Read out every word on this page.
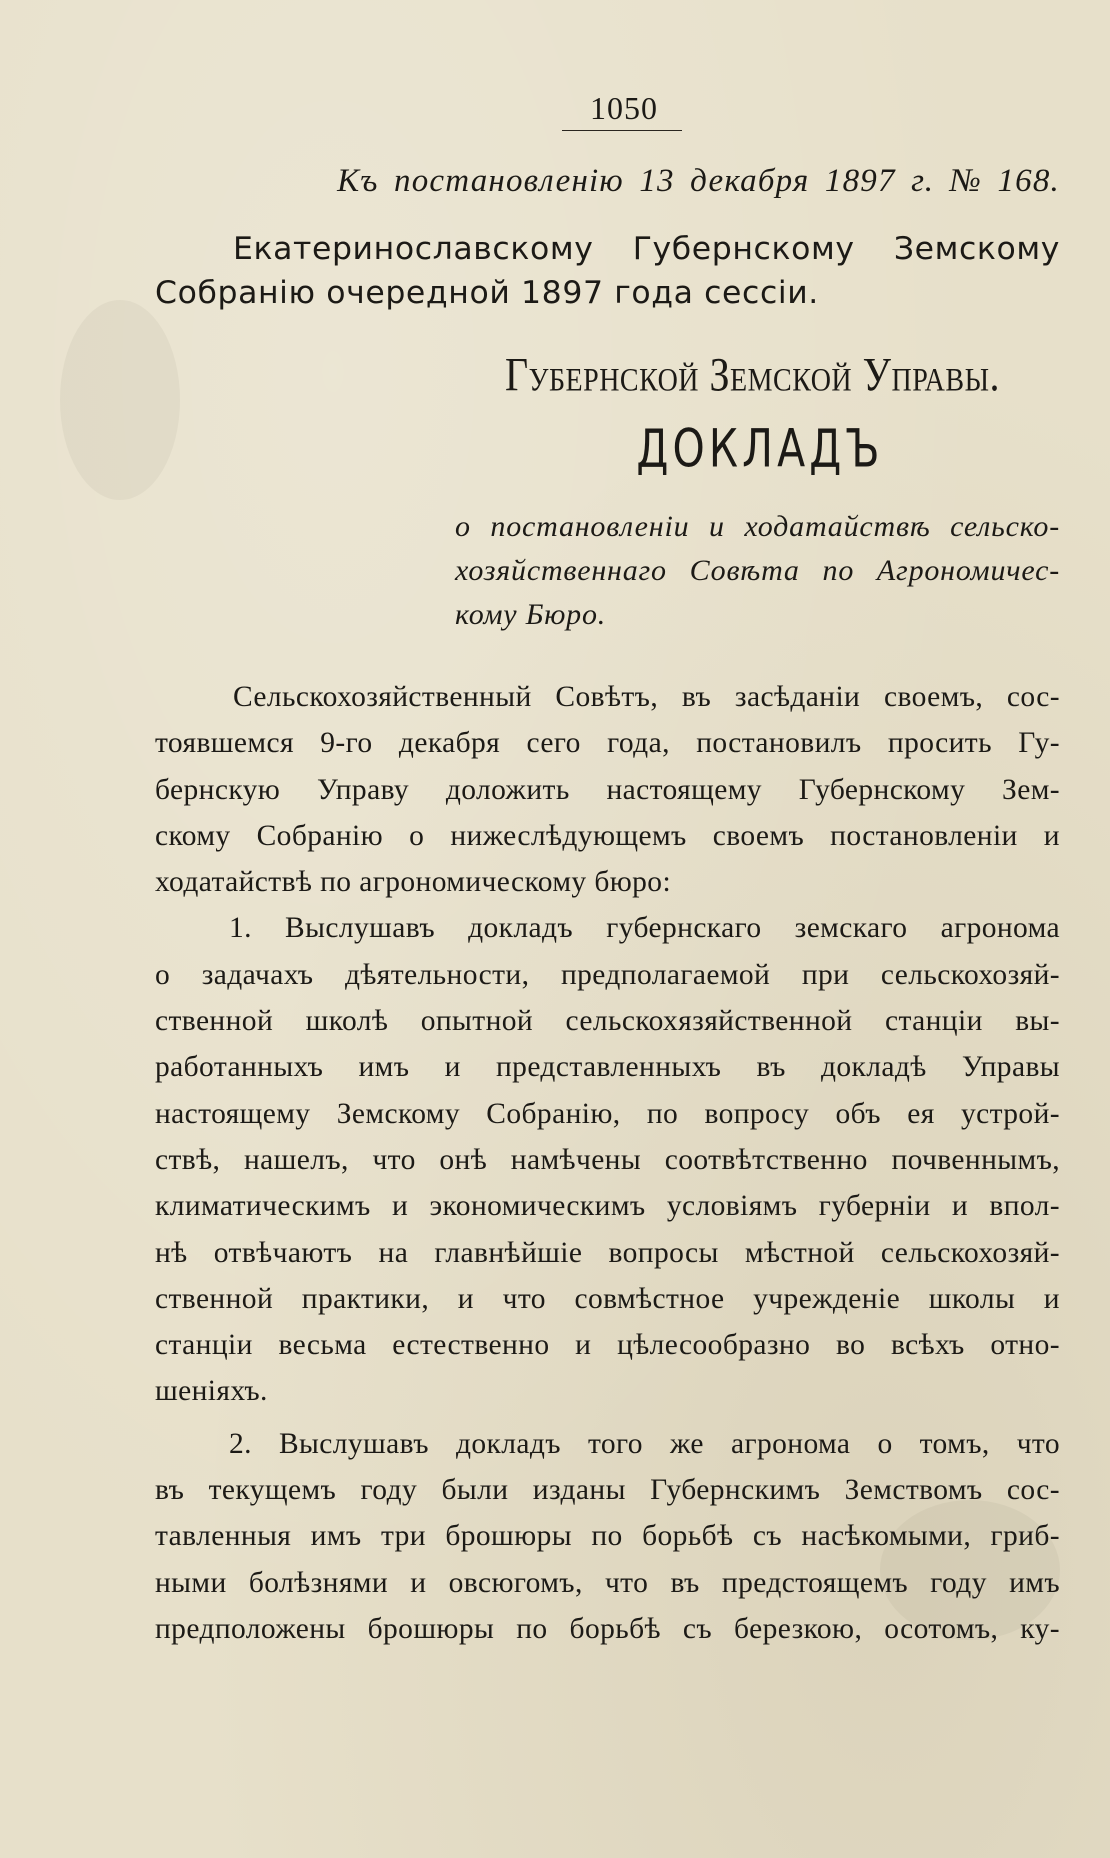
1050
Къ постановленію 13 декабря 1897 г. № 168.
Екатеринославскому Губернскому Земскому
Собранію очередной 1897 года сессіи.
Губернской Земской Управы.
ДОКЛАДЪ
о постановленіи и ходатайствѣ сельско-
хозяйственнаго Совѣта по Агрономичес-
кому Бюро.
Сельскохозяйственный Совѣтъ, въ засѣданіи своемъ, сос-
тоявшемся 9-го декабря сего года, постановилъ просить Гу-
бернскую Управу доложить настоящему Губернскому Зем-
скому Собранію о нижеслѣдующемъ своемъ постановленіи и
ходатайствѣ по агрономическому бюро:
1. Выслушавъ докладъ губернскаго земскаго агронома
о задачахъ дѣятельности, предполагаемой при сельскохозяй-
ственной школѣ опытной сельскохязяйственной станціи вы-
работанныхъ имъ и представленныхъ въ докладѣ Управы
настоящему Земскому Собранію, по вопросу объ ея устрой-
ствѣ, нашелъ, что онѣ намѣчены соотвѣтственно почвеннымъ,
климатическимъ и экономическимъ условіямъ губерніи и впол-
нѣ отвѣчаютъ на главнѣйшіе вопросы мѣстной сельскохозяй-
ственной практики, и что совмѣстное учрежденіе школы и
станціи весьма естественно и цѣлесообразно во всѣхъ отно-
шеніяхъ.
2. Выслушавъ докладъ того же агронома о томъ, что
въ текущемъ году были изданы Губернскимъ Земствомъ сос-
тавленныя имъ три брошюры по борьбѣ съ насѣкомыми, гриб-
ными болѣзнями и овсюгомъ, что въ предстоящемъ году имъ
предположены брошюры по борьбѣ съ березкою, осотомъ, ку-
